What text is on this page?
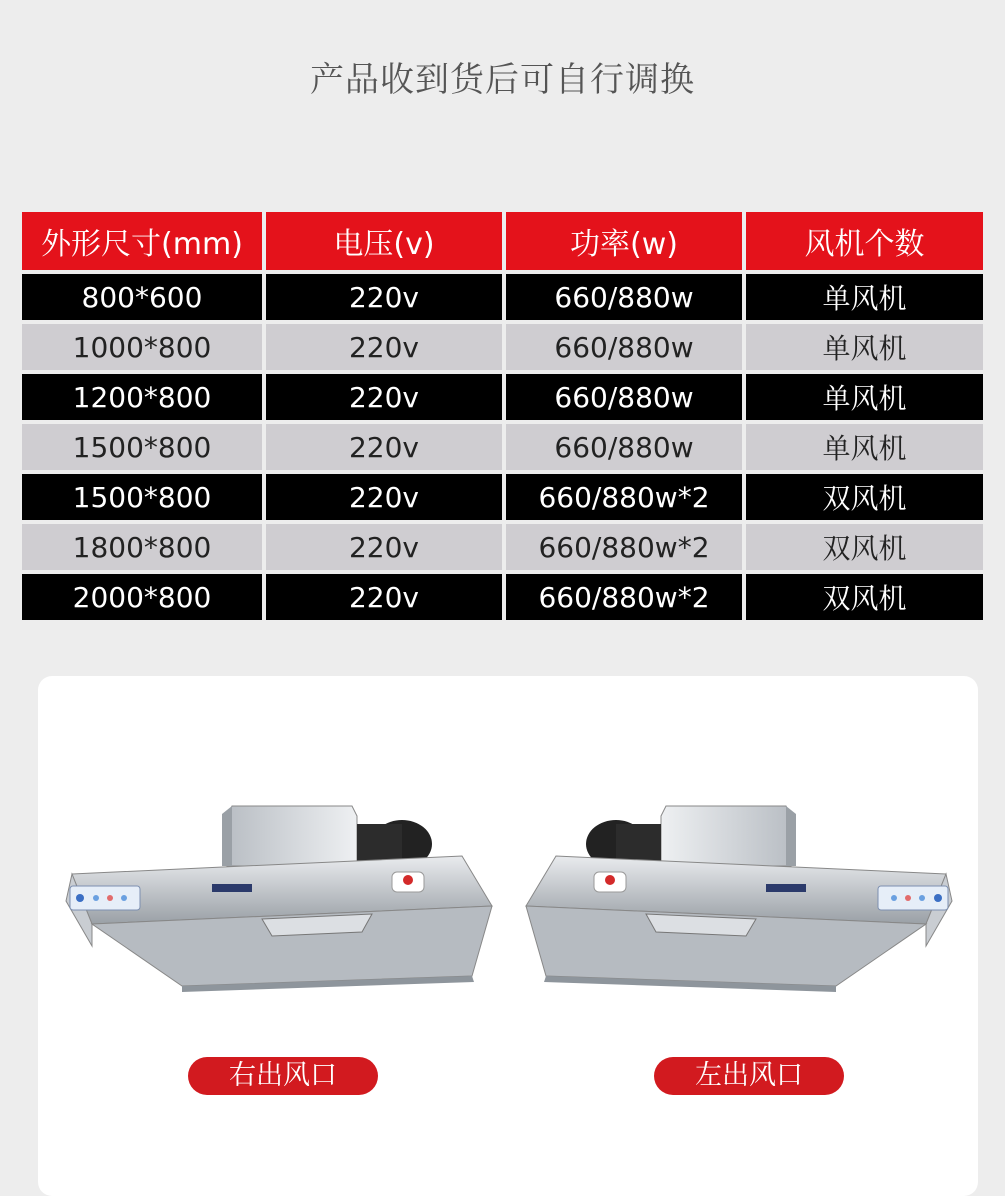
产品收到货后可自行调换
外形尺寸(mm)	电压(v)	功率(w)	风机个数
800*600	220v	660/880w	单风机
1000*800	220v	660/880w	单风机
1200*800	220v	660/880w	单风机
1500*800	220v	660/880w	单风机
1500*800	220v	660/880w*2	双风机
1800*800	220v	660/880w*2	双风机
2000*800	220v	660/880w*2	双风机
右出风口	左出风口
